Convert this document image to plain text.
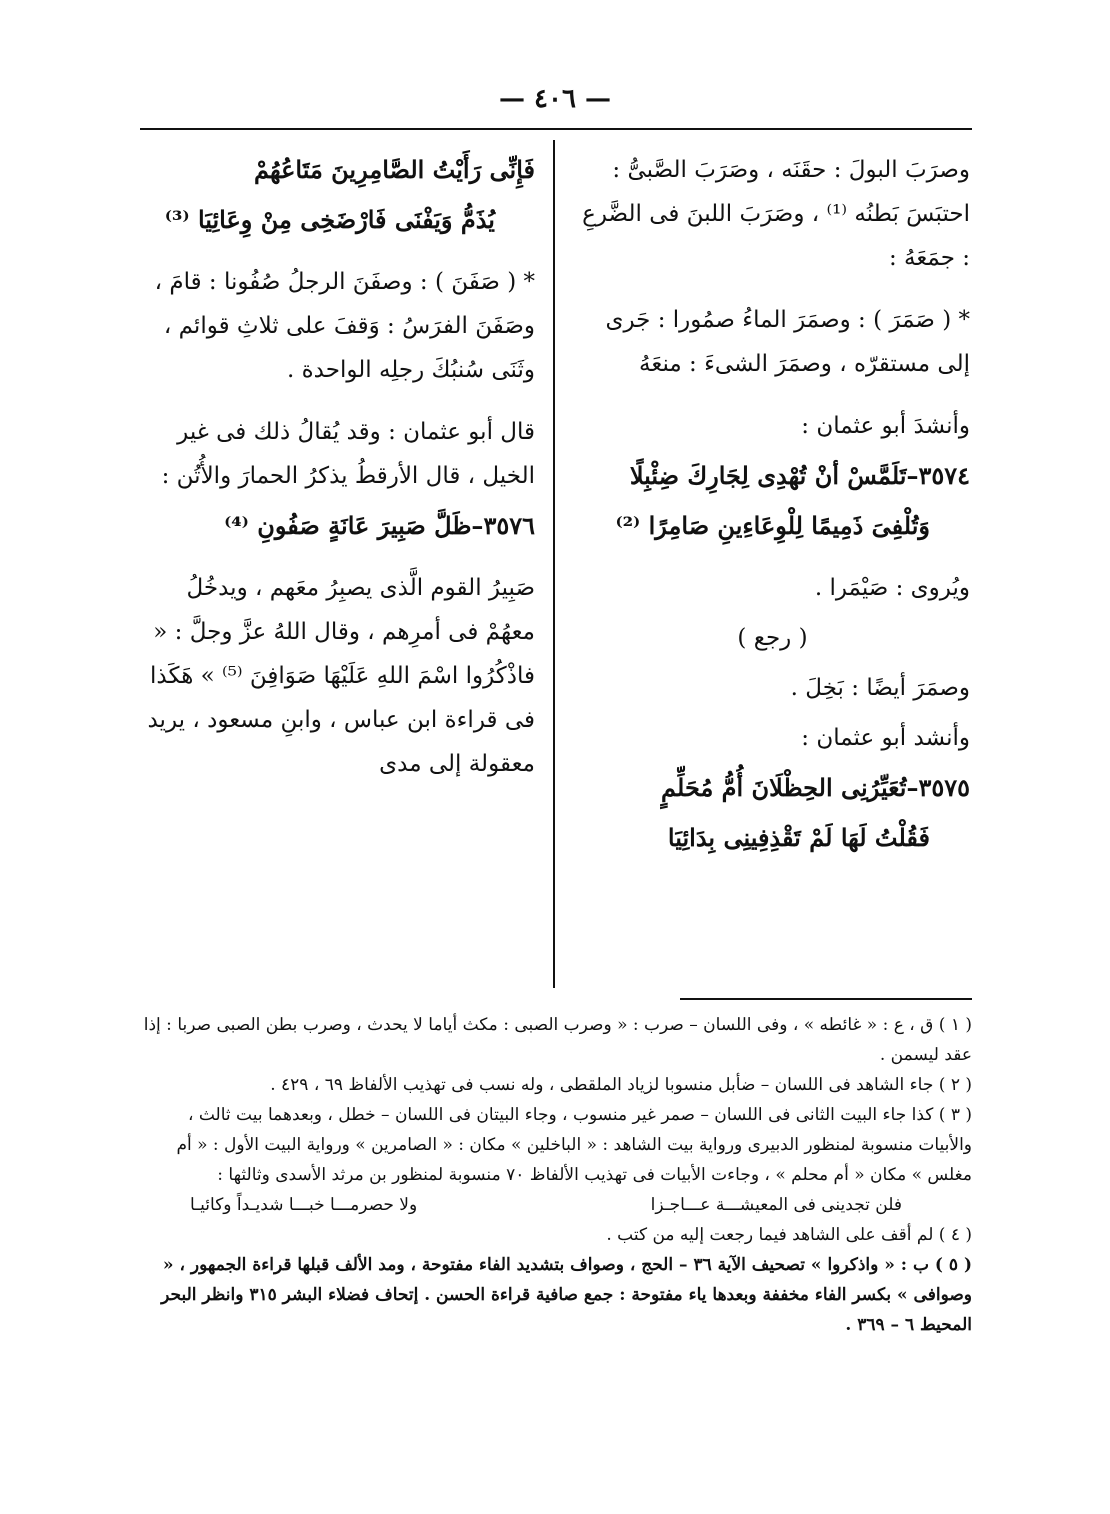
— ٤٠٦ —

وصرَبَ البولَ : حقَنَه ، وصَرَبَ الصَّبىُّ : احتبَسَ بَطنُه ⁽¹⁾ ، وصَرَبَ اللبنَ فى الضَّرعِ : جمَعَهُ :

* ( صَمَرَ ) : وصمَرَ الماءُ صمُورا : جَرى إلى مستقرّه ، وصمَرَ الشىءَ : منعَهُ

وأنشدَ أبو عثمان :

٣٥٧٤–تَلَمَّسْ أنْ تُهْدِى لِجَارِكَ ضِئْبِلًا

وَتُلْفِىَ ذَمِيمًا لِلْوِعَاءِينِ صَامِرًا ⁽²⁾

ويُروى : صَيْمَرا .

( رجع )

وصمَرَ أيضًا : بَخِلَ .

وأنشد أبو عثمان :

٣٥٧٥–تُعَيِّرُنِى الحِظْلَانَ أُمُّ مُحَلِّمٍ

فَقُلْتُ لَهَا لَمْ تَقْذِفِينِى بِدَائِيَا

فَإِنِّى رَأَيْتُ الصَّامِرِينَ مَتَاعُهُمْ

يُذَمُّ وَيَفْنَى فَارْضَخِى مِنْ وِعَائِيَا ⁽³⁾

* ( صَفَنَ ) : وصفَنَ الرجلُ صُفُونا : قامَ ، وصَفَنَ الفرَسُ : وَقفَ على ثلاثِ قوائم ، وثَنَى سُنبُكَ رجلِه الواحدة .

قال أبو عثمان : وقد يُقالُ ذلك فى غير الخيل ، قال الأرقطُ يذكرُ الحمارَ والأُتُن :

٣٥٧٦–ظَلَّ صَبِيرَ عَانَةٍ صَفُونِ ⁽⁴⁾

صَبِيرُ القوم الَّذى يصبِرُ معَهم ، ويدخُلُ معهُمْ فى أمرِهم ، وقال اللهُ عزَّ وجلَّ : « فاذْكُرُوا اسْمَ اللهِ عَلَيْهَا صَوَافِنَ ⁽⁵⁾ » هَكَذا فى قراءة ابن عباس ، وابنِ مسعود ، يريد معقولة إلى مدى

( ١ ) ق ، ع : « غائطه » ، وفى اللسان – صرب : « وصرب الصبى : مكث أياما لا يحدث ، وصرب بطن الصبى صربا : إذا عقد ليسمن .

( ٢ ) جاء الشاهد فى اللسان – ضأبل منسوبا لزياد الملقطى ، وله نسب فى تهذيب الألفاظ ٦٩ ، ٤٢٩ .

( ٣ ) كذا جاء البيت الثانى فى اللسان – صمر غير منسوب ، وجاء البيتان فى اللسان – خطل ، وبعدهما بيت ثالث ، والأبيات منسوبة لمنظور الدبيرى ورواية بيت الشاهد : « الباخلين » مكان : « الصامرين » ورواية البيت الأول : « أم مغلس » مكان « أم محلم » ، وجاءت الأبيات فى تهذيب الألفاظ ٧٠ منسوبة لمنظور بن مرثد الأسدى وثالثها :

فلن تجدينى فى المعيشـــة عـــاجـزا
ولا حصرمـــا خبـــا شديـداً وكائيـا

( ٤ ) لم أقف على الشاهد فيما رجعت إليه من كتب .

( ٥ ) ب : « واذكروا » تصحيف الآية ٣٦ – الحج ، وصواف بتشديد الفاء مفتوحة ، ومد الألف قبلها قراءة الجمهور ، « وصوافى » بكسر الفاء مخففة وبعدها ياء مفتوحة : جمع صافية قراءة الحسن . إتحاف فضلاء البشر ٣١٥ وانظر البحر المحيط ٦ – ٣٦٩ .
